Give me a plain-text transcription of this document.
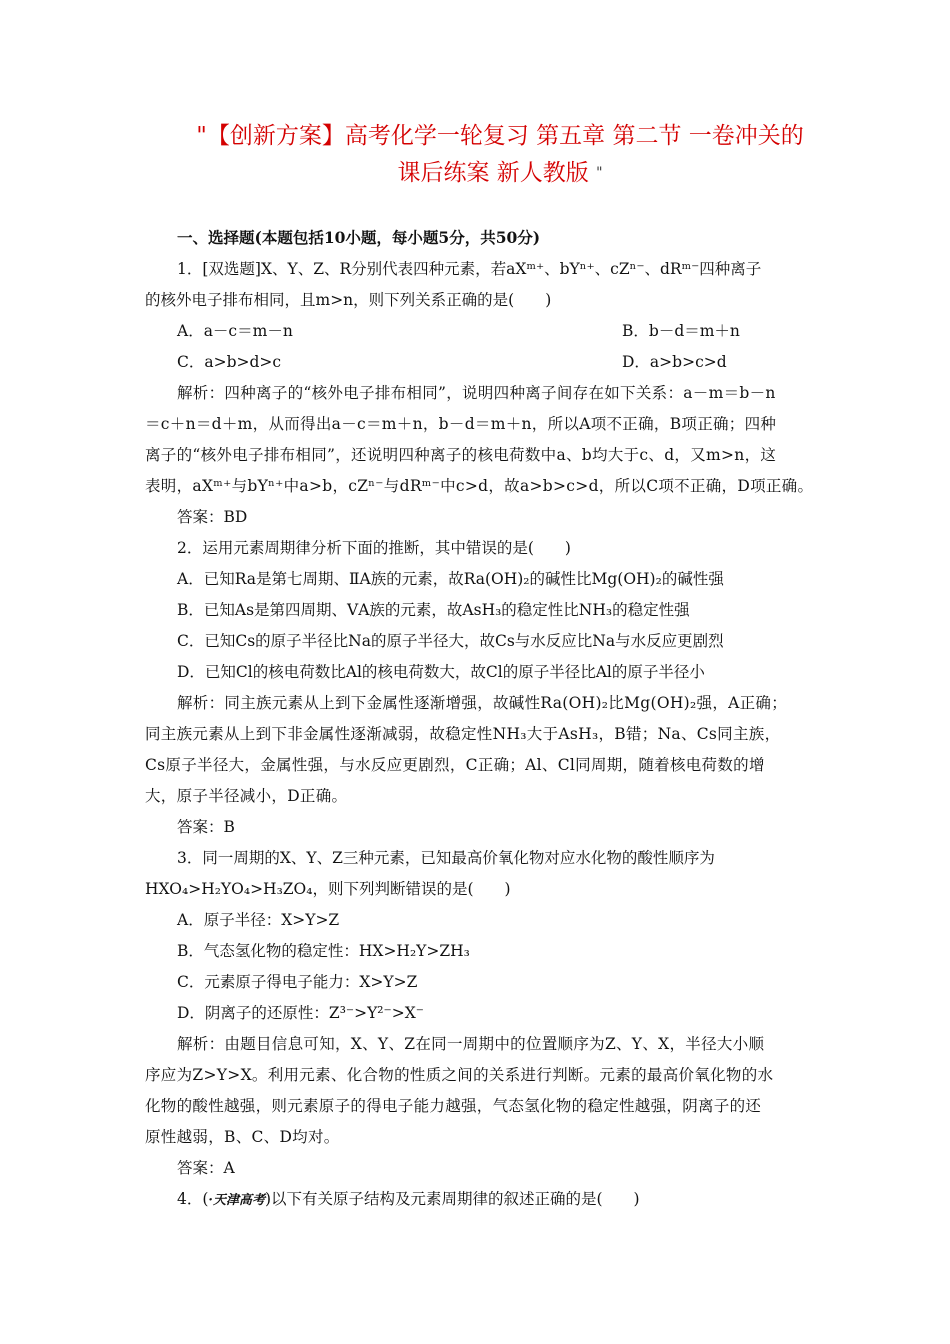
"【创新方案】高考化学一轮复习 第五章 第二节 一卷冲关的
课后练案 新人教版 "
一、选择题(本题包括10小题，每小题5分，共50分)
1．[双选题]X、Y、Z、R分别代表四种元素，若aXᵐ⁺、bYⁿ⁺、cZⁿ⁻、dRᵐ⁻四种离子
的核外电子排布相同，且m>n，则下列关系正确的是(　　)
A．a－c＝m－n	B．b－d＝m＋n
C．a>b>d>c	D．a>b>c>d
解析：四种离子的“核外电子排布相同”，说明四种离子间存在如下关系：a－m＝b－n
＝c＋n＝d＋m，从而得出a－c＝m＋n，b－d＝m＋n，所以A项不正确，B项正确；四种
离子的“核外电子排布相同”，还说明四种离子的核电荷数中a、b均大于c、d，又m>n，这
表明，aXᵐ⁺与bYⁿ⁺中a>b，cZⁿ⁻与dRᵐ⁻中c>d，故a>b>c>d，所以C项不正确，D项正确。
答案：BD
2．运用元素周期律分析下面的推断，其中错误的是(　　)
A．已知Ra是第七周期、ⅡA族的元素，故Ra(OH)₂的碱性比Mg(OH)₂的碱性强
B．已知As是第四周期、ⅤA族的元素，故AsH₃的稳定性比NH₃的稳定性强
C．已知Cs的原子半径比Na的原子半径大，故Cs与水反应比Na与水反应更剧烈
D．已知Cl的核电荷数比Al的核电荷数大，故Cl的原子半径比Al的原子半径小
解析：同主族元素从上到下金属性逐渐增强，故碱性Ra(OH)₂比Mg(OH)₂强，A正确；
同主族元素从上到下非金属性逐渐减弱，故稳定性NH₃大于AsH₃，B错；Na、Cs同主族，
Cs原子半径大，金属性强，与水反应更剧烈，C正确；Al、Cl同周期，随着核电荷数的增
大，原子半径减小，D正确。
答案：B
3．同一周期的X、Y、Z三种元素，已知最高价氧化物对应水化物的酸性顺序为
HXO₄>H₂YO₄>H₃ZO₄，则下列判断错误的是(　　)
A．原子半径：X>Y>Z
B．气态氢化物的稳定性：HX>H₂Y>ZH₃
C．元素原子得电子能力：X>Y>Z
D．阴离子的还原性：Z³⁻>Y²⁻>X⁻
解析：由题目信息可知，X、Y、Z在同一周期中的位置顺序为Z、Y、X，半径大小顺
序应为Z>Y>X。利用元素、化合物的性质之间的关系进行判断。元素的最高价氧化物的水
化物的酸性越强，则元素原子的得电子能力越强，气态氢化物的稳定性越强，阴离子的还
原性越弱，B、C、D均对。
答案：A
4．(·天津高考)以下有关原子结构及元素周期律的叙述正确的是(　　)
